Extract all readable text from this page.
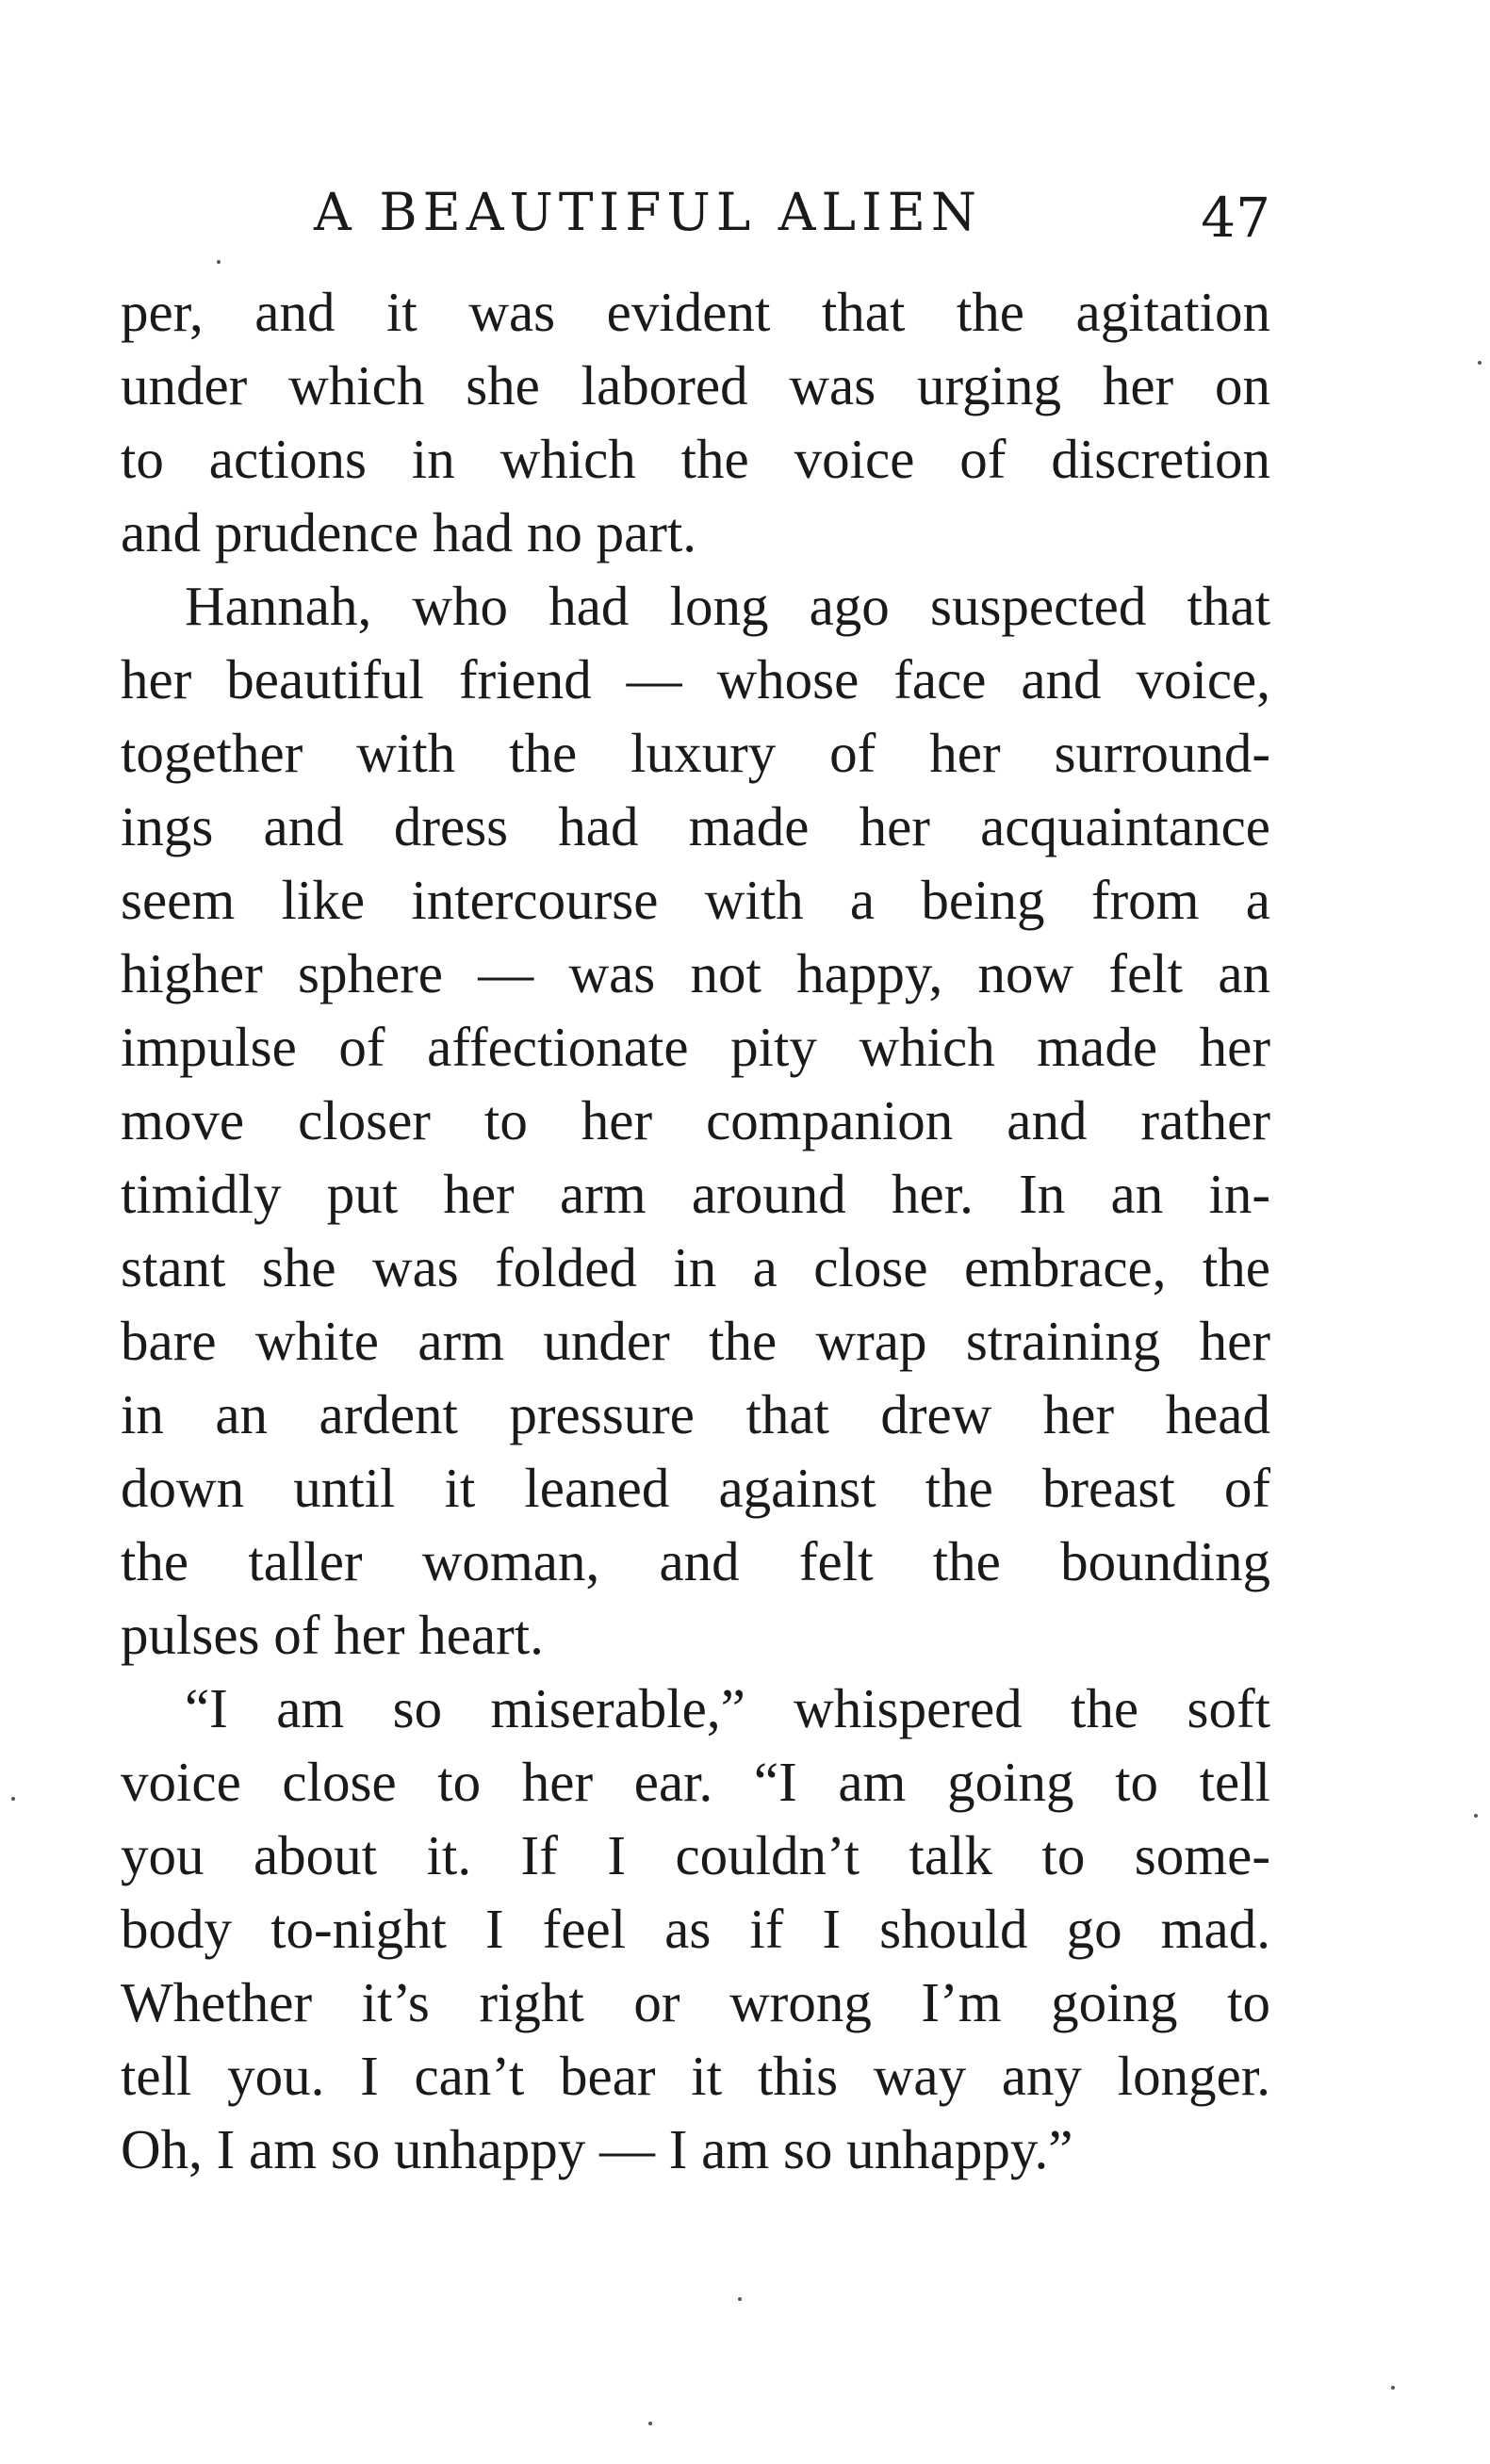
A BEAUTIFUL ALIEN	47
per, and it was evident that the agitation
under which she labored was urging her on
to actions in which the voice of discretion
and prudence had no part.
Hannah, who had long ago suspected that
her beautiful friend — whose face and voice,
together with the luxury of her surround-
ings and dress had made her acquaintance
seem like intercourse with a being from a
higher sphere — was not happy, now felt an
impulse of affectionate pity which made her
move closer to her companion and rather
timidly put her arm around her. In an in-
stant she was folded in a close embrace, the
bare white arm under the wrap straining her
in an ardent pressure that drew her head
down until it leaned against the breast of
the taller woman, and felt the bounding
pulses of her heart.
“I am so miserable,” whispered the soft
voice close to her ear. “I am going to tell
you about it. If I couldn’t talk to some-
body to-night I feel as if I should go mad.
Whether it’s right or wrong I’m going to
tell you. I can’t bear it this way any longer.
Oh, I am so unhappy — I am so unhappy.”
